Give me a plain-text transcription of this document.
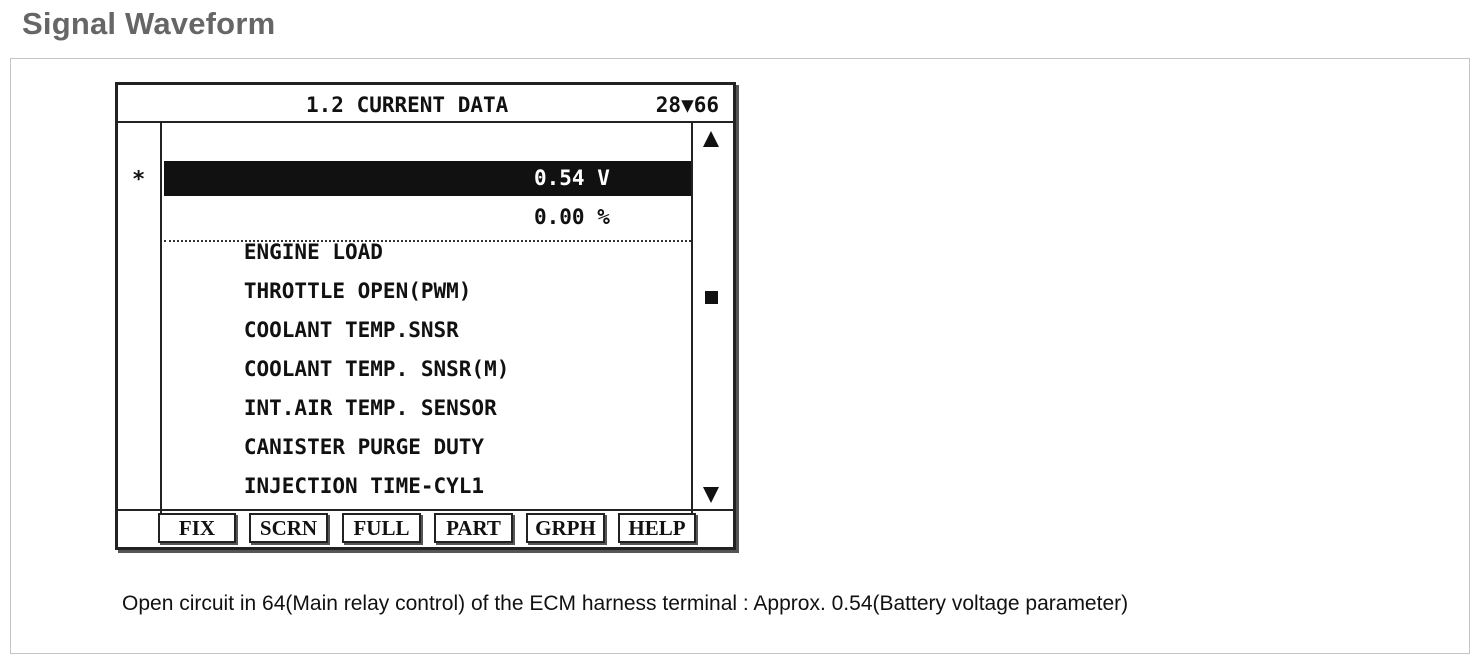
Signal Waveform
1.2 CURRENT DATA	28▼66
∗

BATTERY VOLTAGE

0.54 V

ENGINE LOAD

0.00 %

THROTTLE OPEN(PWM)

COOLANT TEMP.SNSR

COOLANT TEMP. SNSR(M)

INT.AIR TEMP. SENSOR

CANISTER PURGE DUTY

INJECTION TIME-CYL1

FIX	SCRN	FULL	PART	GRPH	HELP
Open circuit in 64(Main relay control) of the ECM harness terminal : Approx. 0.54(Battery voltage parameter)
